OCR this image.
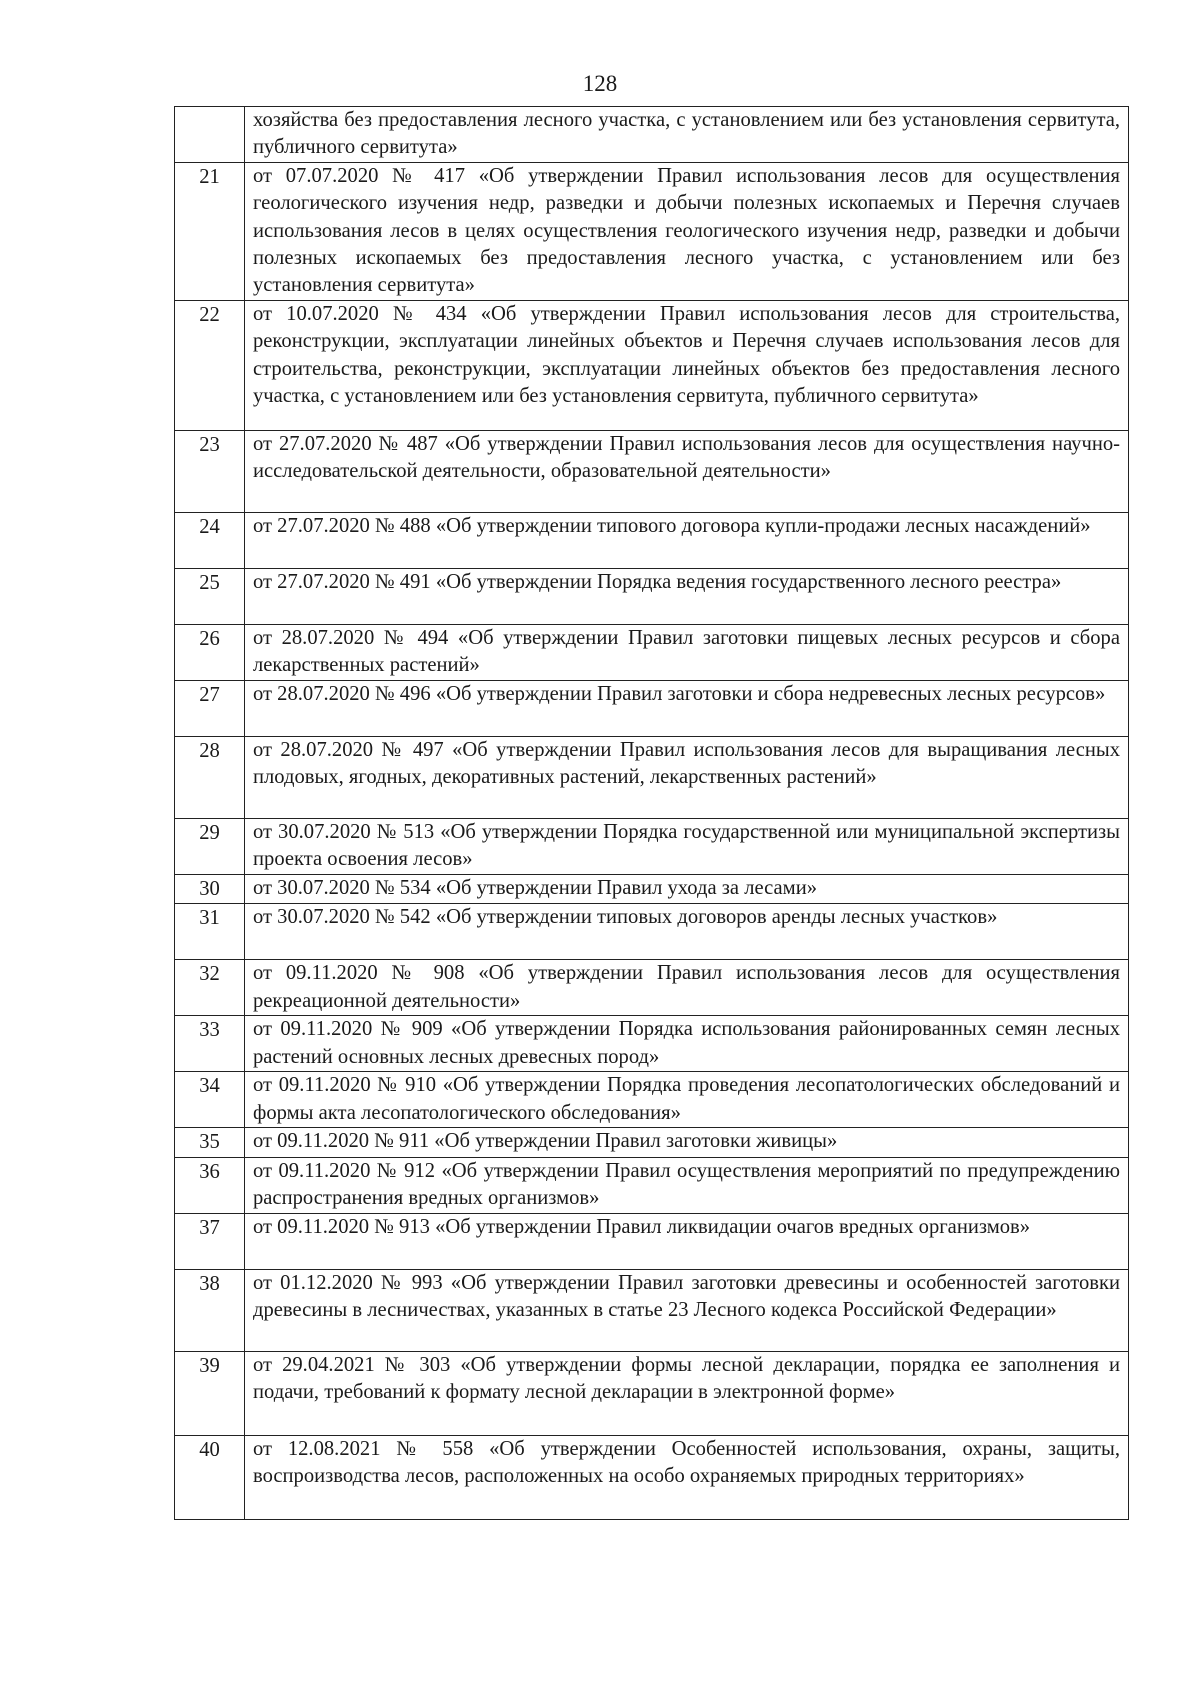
128
	хозяйства без предоставления лесного участка, с установлением или без установления сервитута, публичного сервитута»
21	от 07.07.2020 № 417 «Об утверждении Правил использования лесов для осуществления геологического изучения недр, разведки и добычи полезных ископаемых и Перечня случаев использования лесов в целях осуществления геологического изучения недр, разведки и добычи полезных ископаемых без предоставления лесного участка, с установлением или без установления сервитута»
22	от 10.07.2020 № 434 «Об утверждении Правил использования лесов для строительства, реконструкции, эксплуатации линейных объектов и Перечня случаев использования лесов для строительства, реконструкции, эксплуатации линейных объектов без предоставления лесного участка, с установлением или без установления сервитута, публичного сервитута»
23	от 27.07.2020 № 487 «Об утверждении Правил использования лесов для осуществления научно-исследовательской деятельности, образовательной деятельности»
24	от 27.07.2020 № 488 «Об утверждении типового договора купли-продажи лесных насаждений»
25	от 27.07.2020 № 491 «Об утверждении Порядка ведения государственного лесного реестра»
26	от 28.07.2020 № 494 «Об утверждении Правил заготовки пищевых лесных ресурсов и сбора лекарственных растений»
27	от 28.07.2020 № 496 «Об утверждении Правил заготовки и сбора недревесных лесных ресурсов»
28	от 28.07.2020 № 497 «Об утверждении Правил использования лесов для выращивания лесных плодовых, ягодных, декоративных растений, лекарственных растений»
29	от 30.07.2020 № 513 «Об утверждении Порядка государственной или муниципальной экспертизы проекта освоения лесов»
30	от 30.07.2020 № 534 «Об утверждении Правил ухода за лесами»
31	от 30.07.2020 № 542 «Об утверждении типовых договоров аренды лесных участков»
32	от 09.11.2020 № 908 «Об утверждении Правил использования лесов для осуществления рекреационной деятельности»
33	от 09.11.2020 № 909 «Об утверждении Порядка использования районированных семян лесных растений основных лесных древесных пород»
34	от 09.11.2020 № 910 «Об утверждении Порядка проведения лесопатологических обследований и формы акта лесопатологического обследования»
35	от 09.11.2020 № 911 «Об утверждении Правил заготовки живицы»
36	от 09.11.2020 № 912 «Об утверждении Правил осуществления мероприятий по предупреждению распространения вредных организмов»
37	от 09.11.2020 № 913 «Об утверждении Правил ликвидации очагов вредных организмов»
38	от 01.12.2020 № 993 «Об утверждении Правил заготовки древесины и особенностей заготовки древесины в лесничествах, указанных в статье 23 Лесного кодекса Российской Федерации»
39	от 29.04.2021 № 303 «Об утверждении формы лесной декларации, порядка ее заполнения и подачи, требований к формату лесной декларации в электронной форме»
40	от 12.08.2021 № 558 «Об утверждении Особенностей использования, охраны, защиты, воспроизводства лесов, расположенных на особо охраняемых природных территориях»
